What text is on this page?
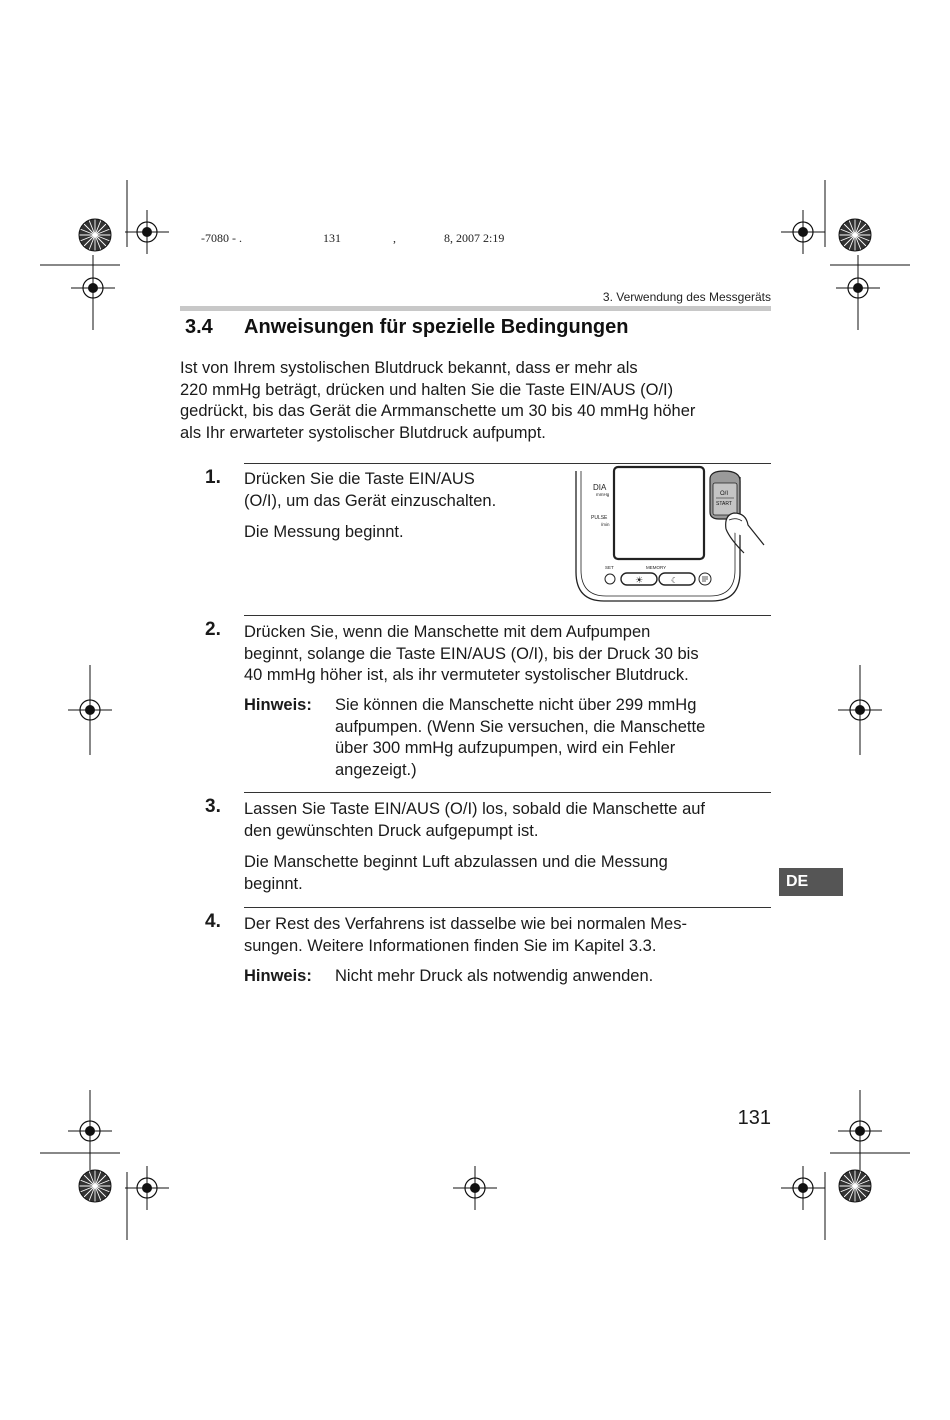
-7080 - .	131	,	8, 2007 2:19
3. Verwendung des Messgeräts
3.4 Anweisungen für spezielle Bedingungen
Ist von Ihrem systolischen Blutdruck bekannt, dass er mehr als
220 mmHg beträgt, drücken und halten Sie die Taste EIN/AUS (O/I)
gedrückt, bis das Gerät die Armmanschette um 30 bis 40 mmHg höher
als Ihr erwarteter systolischer Blutdruck aufpumpt.
1. Drücken Sie die Taste EIN/AUS
(O/I), um das Gerät einzuschalten.
Die Messung beginnt.
DIA
mmHg
PULSE
/min
SET	MEMORY
☀	☾
O/I
START
2. Drücken Sie, wenn die Manschette mit dem Aufpumpen
beginnt, solange die Taste EIN/AUS (O/I), bis der Druck 30 bis
40 mmHg höher ist, als ihr vermuteter systolischer Blutdruck.
Hinweis: Sie können die Manschette nicht über 299 mmHg
aufpumpen. (Wenn Sie versuchen, die Manschette
über 300 mmHg aufzupumpen, wird ein Fehler
angezeigt.)
3. Lassen Sie Taste EIN/AUS (O/I) los, sobald die Manschette auf
den gewünschten Druck aufgepumpt ist.
Die Manschette beginnt Luft abzulassen und die Messung
beginnt.	DE
4. Der Rest des Verfahrens ist dasselbe wie bei normalen Mes-
sungen. Weitere Informationen finden Sie im Kapitel 3.3.
Hinweis: Nicht mehr Druck als notwendig anwenden.
131
